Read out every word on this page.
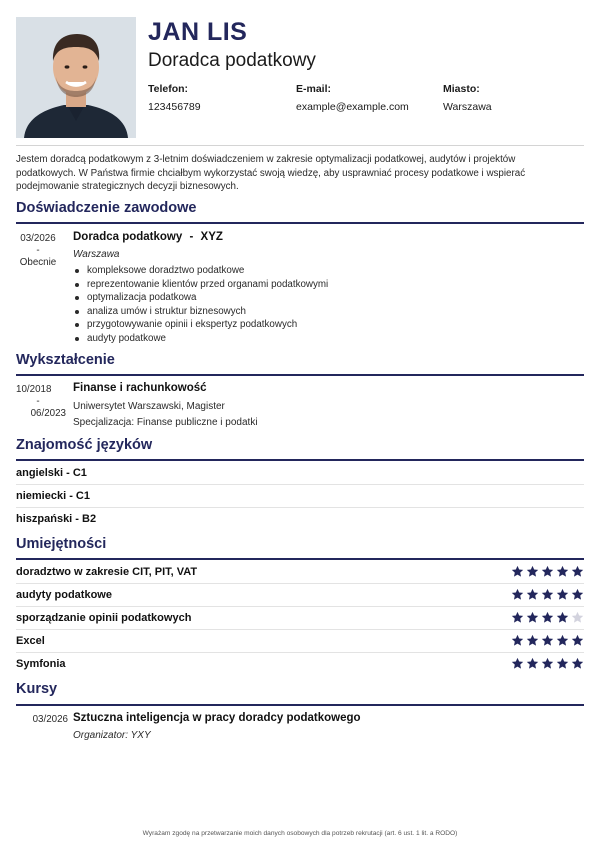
JAN LIS
Doradca podatkowy
Telefon:
123456789
E-mail:
example@example.com
Miasto:
Warszawa
Jestem doradcą podatkowym z 3-letnim doświadczeniem w zakresie optymalizacji podatkowej, audytów i projektów podatkowych. W Państwa firmie chciałbym wykorzystać swoją wiedzę, aby usprawniać procesy podatkowe i wspierać podejmowanie strategicznych decyzji biznesowych.
Doświadczenie zawodowe
03/2026
-
Obecnie
Doradca podatkowy - XYZ
Warszawa
kompleksowe doradztwo podatkowe
reprezentowanie klientów przed organami podatkowymi
optymalizacja podatkowa
analiza umów i struktur biznesowych
przygotowywanie opinii i ekspertyz podatkowych
audyty podatkowe
Wykształcenie
10/2018
-
06/2023
Finanse i rachunkowość
Uniwersytet Warszawski, Magister
Specjalizacja: Finanse publiczne i podatki
Znajomość języków
angielski - C1
niemiecki - C1
hiszpański - B2
Umiejętności
doradztwo w zakresie CIT, PIT, VAT
audyty podatkowe
sporządzanie opinii podatkowych
Excel
Symfonia
Kursy
03/2026 Sztuczna inteligencja w pracy doradcy podatkowego
Organizator: YXY
Wyrażam zgodę na przetwarzanie moich danych osobowych dla potrzeb rekrutacji (art. 6 ust. 1 lit. a RODO)
